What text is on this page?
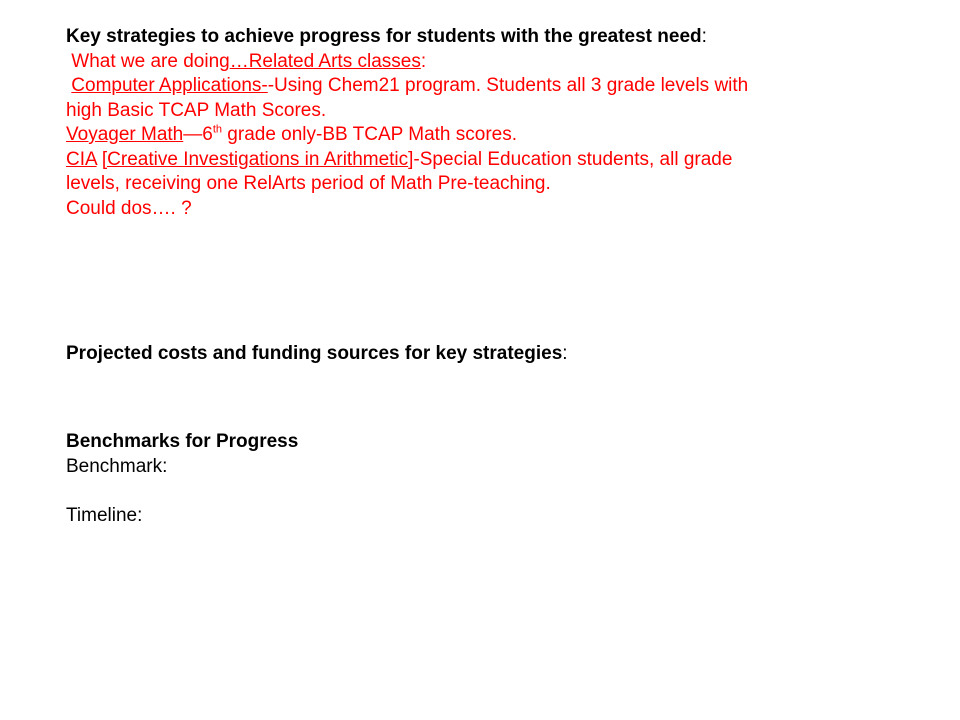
Key strategies to achieve progress for students with the greatest need:
What we are doing…Related Arts classes:
Computer Applications--Using Chem21 program. Students all 3 grade levels with
high Basic TCAP Math Scores.
Voyager Math—6th grade only-BB TCAP Math scores.
CIA [Creative Investigations in Arithmetic]-Special Education students, all grade
levels, receiving one RelArts period of Math Pre-teaching.
Could dos…. ?
Projected costs and funding sources for key strategies:
Benchmarks for Progress
Benchmark:

Timeline:
